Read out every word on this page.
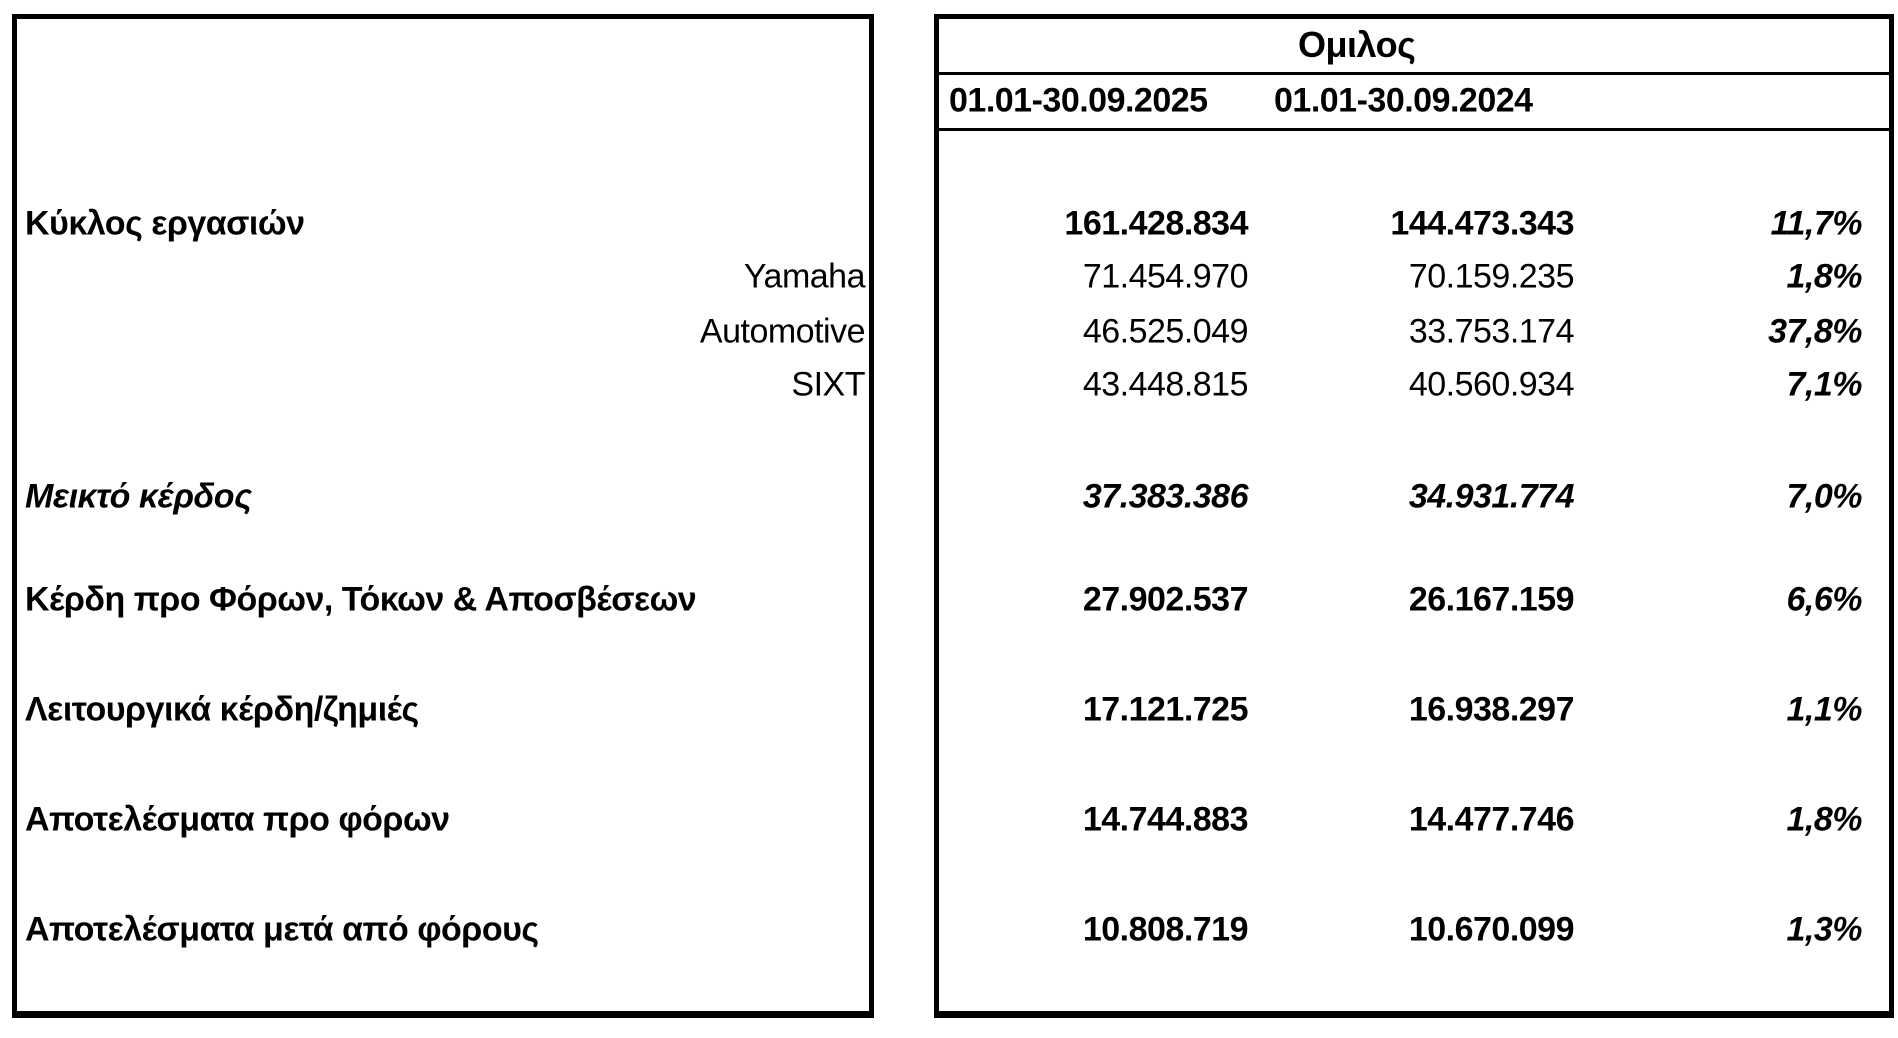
Ομιλος
01.01-30.09.2025 01.01-30.09.2024
Κύκλος εργασιών	161.428.834	144.473.343	11,7%
Yamaha	71.454.970	70.159.235	1,8%
Automotive	46.525.049	33.753.174	37,8%
SIXT	43.448.815	40.560.934	7,1%
Μεικτό κέρδος	37.383.386	34.931.774	7,0%
Κέρδη προ Φόρων, Τόκων & Αποσβέσεων	27.902.537	26.167.159	6,6%
Λειτουργικά κέρδη/ζημιές	17.121.725	16.938.297	1,1%
Αποτελέσματα προ φόρων	14.744.883	14.477.746	1,8%
Αποτελέσματα μετά από φόρους	10.808.719	10.670.099	1,3%
